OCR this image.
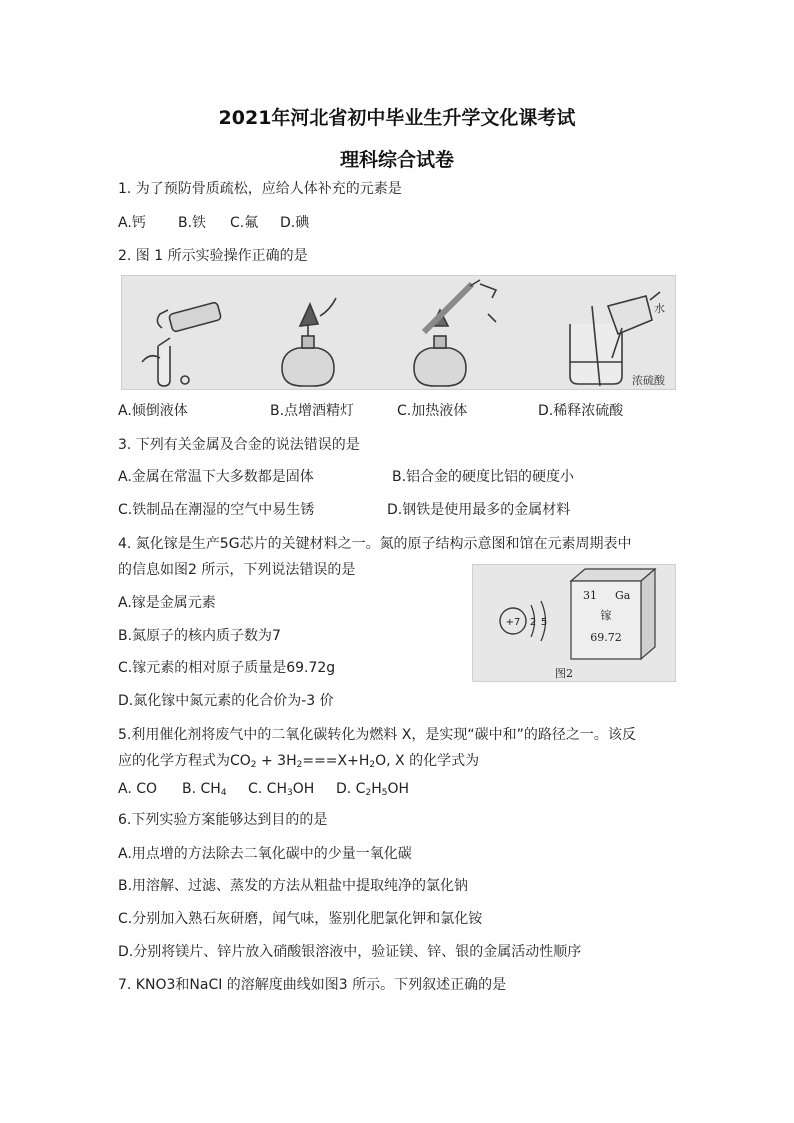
2021年河北省初中毕业生升学文化课考试
理科综合试卷
1. 为了预防骨质疏松，应给人体补充的元素是
A.钙 B.铁 C.氟 D.碘
2. 图 1 所示实验操作正确的是
水
浓硫酸
A.倾倒液体	B.点增酒精灯	C.加热液体	D.稀释浓硫酸
3. 下列有关金属及合金的说法错误的是
A.金属在常温下大多数都是固体	B.铝合金的硬度比铝的硬度小
C.铁制品在潮湿的空气中易生锈	D.钢铁是使用最多的金属材料
4. 氮化镓是生产5G芯片的关键材料之一。氮的原子结构示意图和馆在元素周期表中
的信息如图2 所示，下列说法错误的是
+7 2 5
31 Ga
镓
69.72
图2
A.镓是金属元素
B.氮原子的核内质子数为7
C.镓元素的相对原子质量是69.72g
D.氮化镓中氮元素的化合价为-3 价
5.利用催化剂将废气中的二氧化碳转化为燃料 X，是实现“碳中和”的路径之一。该反
应的化学方程式为$CO_2 + 3H_2===X+H_2O$, X 的化学式为
A. CO B. $CH_4$ C. $CH_3OH$ D. $C_2H_5OH$
6.下列实验方案能够达到目的的是
A.用点增的方法除去二氧化碳中的少量一氧化碳
B.用溶解、过滤、蒸发的方法从粗盐中提取纯净的氯化钠
C.分别加入熟石灰研磨，闻气味，鉴别化肥氯化钾和氯化铵
D.分别将镁片、锌片放入硝酸银溶液中，验证镁、锌、银的金属活动性顺序
7. KNO3和NaCI 的溶解度曲线如图3 所示。下列叙述正确的是
